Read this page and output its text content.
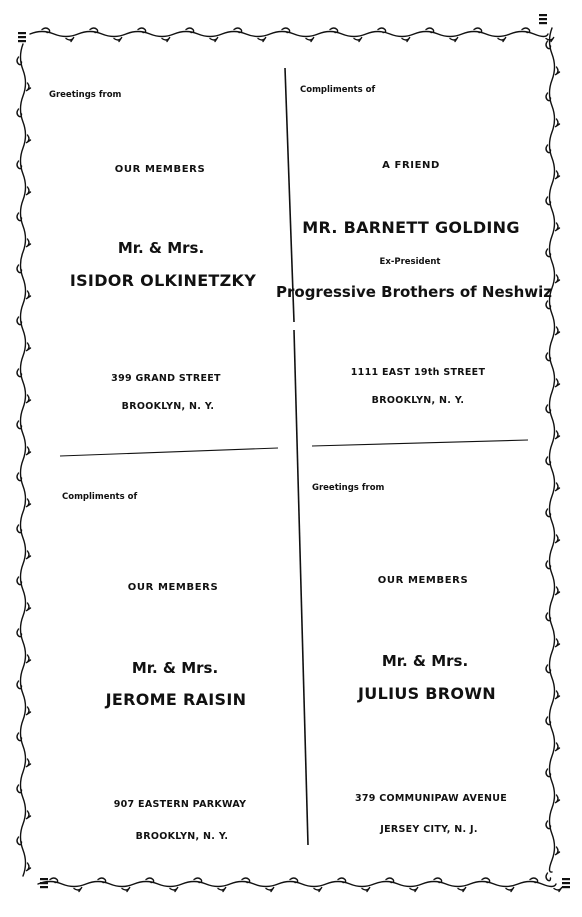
Greetings from
OUR MEMBERS
Mr. & Mrs.
ISIDOR OLKINETZKY
399 GRAND STREET
BROOKLYN, N. Y.
Compliments of
A FRIEND
MR. BARNETT GOLDING
Ex-President
Progressive Brothers of Neshwiz
1111 EAST 19th STREET
BROOKLYN, N. Y.
Compliments of
OUR MEMBERS
Mr. & Mrs.
JEROME RAISIN
907 EASTERN PARKWAY
BROOKLYN, N. Y.
Greetings from
OUR MEMBERS
Mr. & Mrs.
JULIUS BROWN
379 COMMUNIPAW AVENUE
JERSEY CITY, N. J.
